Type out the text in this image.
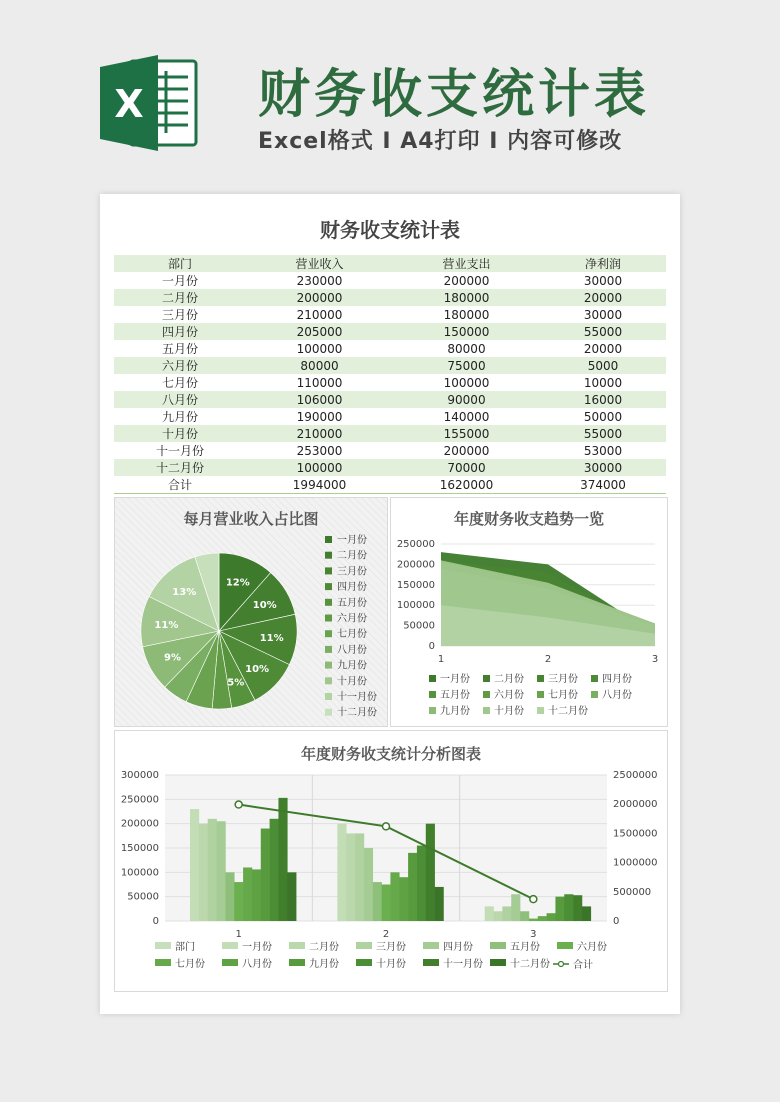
X 财务收支统计表
Excel格式 I A4打印 I 内容可修改
财务收支统计表
部门	营业收入	营业支出	净利润
一月份	230000	200000	30000
二月份	200000	180000	20000
三月份	210000	180000	30000
四月份	205000	150000	55000
五月份	100000	80000	20000
六月份	80000	75000	5000
七月份	110000	100000	10000
八月份	106000	90000	16000
九月份	190000	140000	50000
十月份	210000	155000	55000
十一月份	253000	200000	53000
十二月份	100000	70000	30000
合计	1994000	1620000	374000
每月营业收入占比图
12%
10%
11%
10%
5%
9%
11%
13%
一月份
二月份
三月份
四月份
五月份
六月份
七月份
八月份
九月份
十月份
十一月份
十二月份
年度财务收支趋势一览
0
50000
100000
150000
200000
250000
1	2	3
一月份 二月份 三月份 四月份
五月份 六月份 七月份 八月份
九月份 十月份 十二月份
年度财务收支统计分析图表
0
50000
100000
150000
200000
250000
300000
0
500000
1000000
1500000
2000000
2500000
1	2	3
部门	一月份	二月份	三月份	四月份	五月份	六月份
七月份	八月份	九月份	十月份	十一月份	十二月份 合计
